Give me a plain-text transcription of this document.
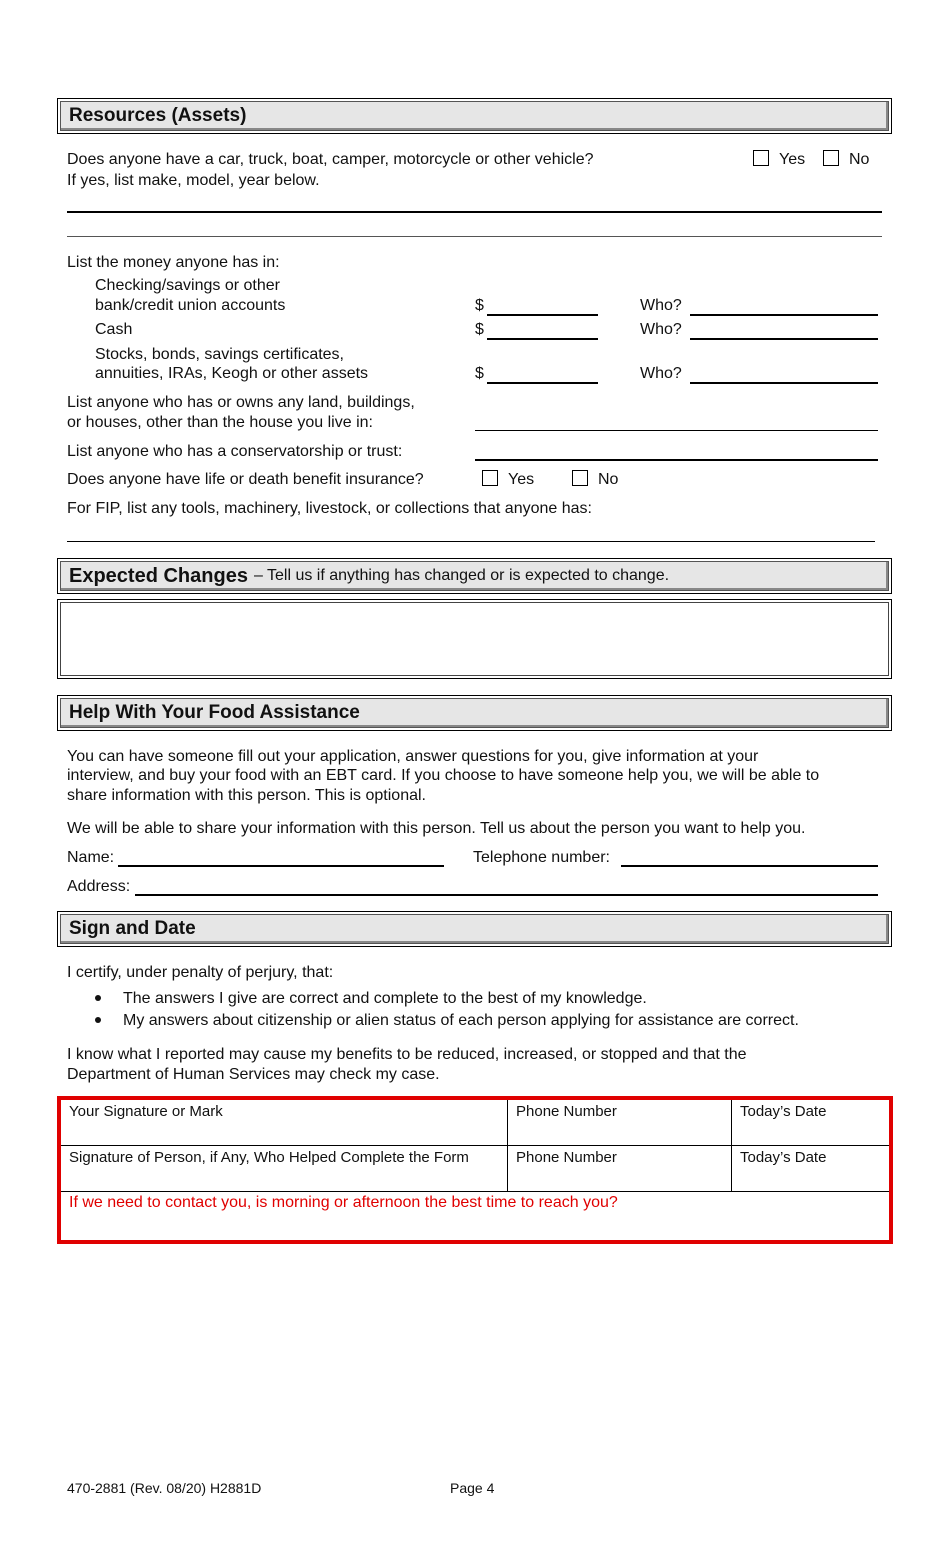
Resources (Assets)
Does anyone have a car, truck, boat, camper, motorcycle or other vehicle?
If yes, list make, model, year below.
Yes	No
List the money anyone has in:
Checking/savings or other
bank/credit union accounts	$	Who?
Cash	$	Who?
Stocks, bonds, savings certificates,
annuities, IRAs, Keogh or other assets	$	Who?
List anyone who has or owns any land, buildings,
or houses, other than the house you live in:
List anyone who has a conservatorship or trust:
Does anyone have life or death benefit insurance?	Yes	No
For FIP, list any tools, machinery, livestock, or collections that anyone has:
Expected Changes – Tell us if anything has changed or is expected to change.
Help With Your Food Assistance
You can have someone fill out your application, answer questions for you, give information at your
interview, and buy your food with an EBT card. If you choose to have someone help you, we will be able to
share information with this person. This is optional.
We will be able to share your information with this person. Tell us about the person you want to help you.
Name:	Telephone number:
Address:
Sign and Date
I certify, under penalty of perjury, that:
The answers I give are correct and complete to the best of my knowledge.
My answers about citizenship or alien status of each person applying for assistance are correct.
I know what I reported may cause my benefits to be reduced, increased, or stopped and that the
Department of Human Services may check my case.
Your Signature or Mark	Phone Number	Today’s Date
Signature of Person, if Any, Who Helped Complete the Form	Phone Number	Today’s Date
If we need to contact you, is morning or afternoon the best time to reach you?
470-2881 (Rev. 08/20) H2881D	Page 4
